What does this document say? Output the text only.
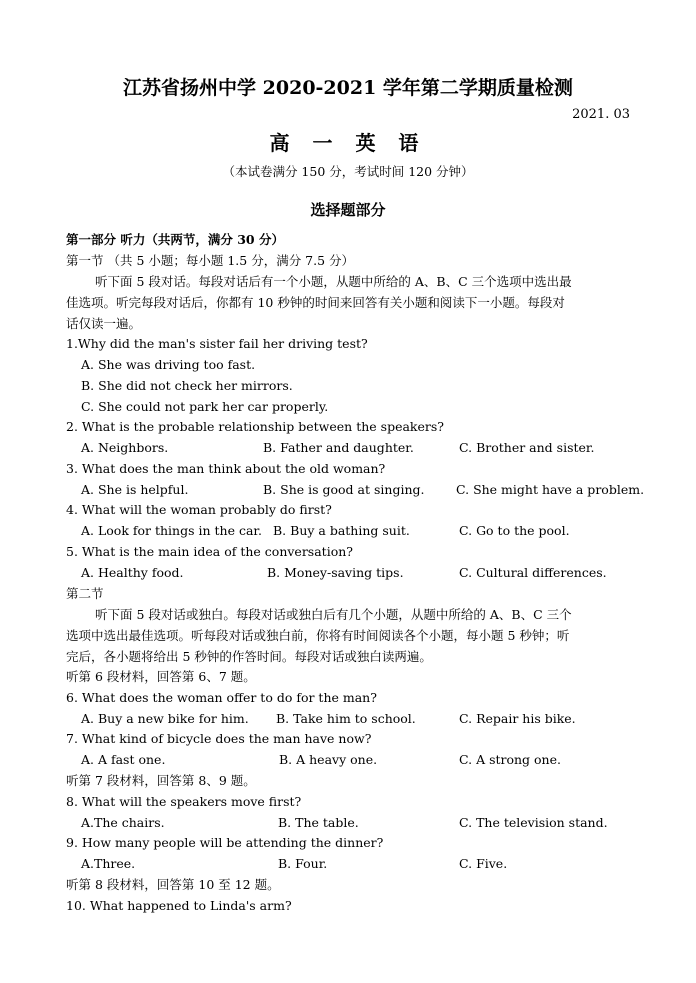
江苏省扬州中学 2020-2021 学年第二学期质量检测
2021. 03
高 一 英 语
（本试卷满分 150 分，考试时间 120 分钟）
选择题部分
第一部分 听力（共两节，满分 30 分）
第一节 （共 5 小题；每小题 1.5 分，满分 7.5 分）
听下面 5 段对话。每段对话后有一个小题，从题中所给的 A、B、C 三个选项中选出最
佳选项。听完每段对话后，你都有 10 秒钟的时间来回答有关小题和阅读下一小题。每段对
话仅读一遍。
1.Why did the man's sister fail her driving test?
A. She was driving too fast.
B. She did not check her mirrors.
C. She could not park her car properly.
2. What is the probable relationship between the speakers?
A. Neighbors.	B. Father and daughter.	C. Brother and sister.
3. What does the man think about the old woman?
A. She is helpful.	B. She is good at singing.	C. She might have a problem.
4. What will the woman probably do first?
A. Look for things in the car. B. Buy a bathing suit.	C. Go to the pool.
5. What is the main idea of the conversation?
A. Healthy food.	B. Money-saving tips.	C. Cultural differences.
第二节
听下面 5 段对话或独白。每段对话或独白后有几个小题，从题中所给的 A、B、C 三个
选项中选出最佳选项。听每段对话或独白前，你将有时间阅读各个小题，每小题 5 秒钟；听
完后，各小题将给出 5 秒钟的作答时间。每段对话或独白读两遍。
听第 6 段材料，回答第 6、7 题。
6. What does the woman offer to do for the man?
A. Buy a new bike for him. B. Take him to school.	C. Repair his bike.
7. What kind of bicycle does the man have now?
A. A fast one.	B. A heavy one.	C. A strong one.
听第 7 段材料，回答第 8、9 题。
8. What will the speakers move first?
A.The chairs.	B. The table.	C. The television stand.
9. How many people will be attending the dinner?
A.Three.	B. Four.	C. Five.
听第 8 段材料，回答第 10 至 12 题。
10. What happened to Linda's arm?
